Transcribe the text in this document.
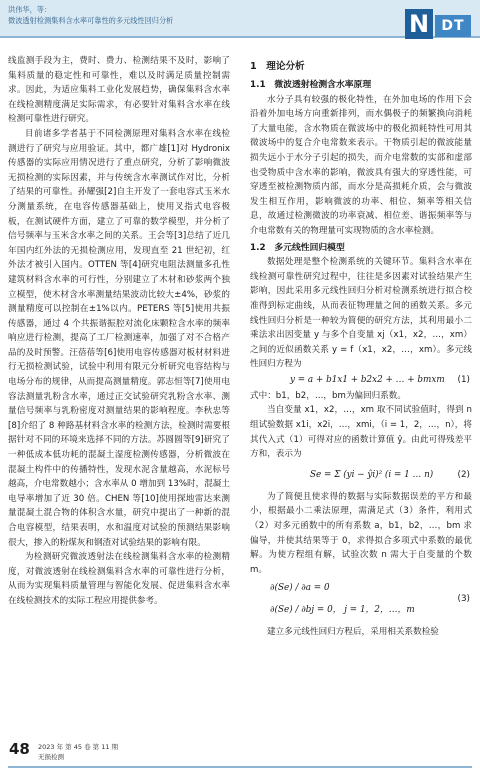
洪伟华，等：
微波透射检测集料含水率可靠性的多元线性回归分析	N DT

线监测手段为主，费时、费力、检测结果不及时，影响了集料质量的稳定性和可靠性，难以及时满足质量控制需求。因此，为适应集料工业化发展趋势，确保集料含水率在线检测精度满足实际需求，有必要针对集料含水率在线检测可靠性进行研究。

目前诸多学者基于不同检测原理对集料含水率在线检测进行了研究与应用验证。其中，都广雄[1]对 Hydronix 传感器的实际应用情况进行了重点研究，分析了影响微波无损检测的实际因素，并与传统含水率测试作对比，分析了结果的可靠性。孙耀强[2]自主开发了一套电容式玉米水分测量系统，在电容传感器基础上，使用叉指式电容极板，在测试硬件方面，建立了可靠的数学模型，并分析了信号频率与玉米含水率之间的关系。王会等[3]总结了近几年国内红外法的无损检测应用，发现直至 21 世纪初，红外法才被引入国内。OTTEN 等[4]研究电阻法测量多孔性建筑材料含水率的可行性，分别建立了木材和砂浆两个独立模型，使木材含水率测量结果波动比较大±4%，砂浆的测量精度可以控制在±1%以内。PETERS 等[5]使用共振传感器，通过 4 个共振谐振腔对流化床颗粒含水率的频率响应进行检测，提高了工厂检测速率，加强了对不合格产品的及时预警。汪蓓蓓等[6]使用电容传感器对板材材料进行无损检测试验，试验中利用有限元分析研究电容结构与电场分布的规律，从而提高测量精度。郭志恒等[7]使用电容法测量乳粉含水率，通过正交试验研究乳粉含水率、测量信号频率与乳粉密度对测量结果的影响程度。李秋忠等[8]介绍了 8 种路基材料含水率的检测方法，检测时需要根据针对不同的环境来选择不同的方法。苏圆圆等[9]研究了一种低成本低功耗的混凝土湿度检测传感器，分析微波在混凝土构件中的传播特性，发现水泥含量越高，水泥标号越高，介电常数越小；含水率从 0 增加到 13%时，混凝土电导率增加了近 30 倍。CHEN 等[10]使用探地雷达来测量混凝土混合物的体积含水量，研究中提出了一种新的混合电容模型，结果表明，水和温度对试验的预测结果影响很大，掺入的粉煤灰和钢渣对试验结果的影响有限。

为检测研究微波透射法在线检测集料含水率的检测精度，对微波透射在线检测集料含水率的可靠性进行分析，从而为实现集料质量管理与智能化发展、促进集料含水率在线检测技术的实际工程应用提供参考。

1　理论分析
1.1　微波透射检测含水率原理

水分子具有较强的极化特性，在外加电场的作用下会沿着外加电场方向重新排列，而水偶极子的频繁换向消耗了大量电能，含水物质在微波场中的极化损耗特性可用其微波场中的复合介电常数来表示。干物质引起的微波能量损失远小于水分子引起的损失，而介电常数的实部和虚部也受物质中含水率的影响，微波具有强大的穿透性能，可穿透至被检测物质内部，而水分是高损耗介质，会与微波发生相互作用，影响微波的功率、相位、频率等相关信息，故通过检测微波的功率衰减、相位差、谐振频率等与介电常数有关的物理量可实现物质的含水率检测。

1.2　多元线性回归模型

数据处理是整个检测系统的关键环节。集料含水率在线检测可靠性研究过程中，往往是多因素对试验结果产生影响，因此采用多元线性回归分析对检测系统进行拟合校准得到标定曲线，从而表征物理量之间的函数关系。多元线性回归分析是一种较为简便的研究方法，其利用最小二乘法求出因变量 y 与多个自变量 xj（x1，x2，…，xm）之间的近似函数关系 y = f（x1，x2，…，xm）。多元线性回归方程为

y = a + b1x1 + b2x2 + … + bmxm (1)

式中：b1，b2，…，bm为偏回归系数。

当自变量 x1，x2，…，xm 取不同试验值时，得到 n 组试验数据 x1i，x2i，…，xmi，（i = 1，2，…，n），将其代入式（1）可得对应的函数计算值 ŷ。由此可得残差平方和，表示为

Se = Σ (yi − ŷi)² (i = 1 … n)	(2)

为了简便且使求得的数据与实际数据误差的平方和最小，根据最小二乘法原理，需满足式（3）条件，利用式（2）对多元函数中的所有系数 a，b1，b2，…，bm 求偏导，并使其结果等于 0，求得拟合多项式中系数的最优解。为使方程组有解，试验次数 n 需大于自变量的个数 m。

∂(Se) / ∂a = 0
∂(Se) / ∂bj = 0， j = 1，2，…，m
(3)

建立多元线性回归方程后，采用相关系数检验

48 2023 年 第 45 卷 第 11 期
无损检测
